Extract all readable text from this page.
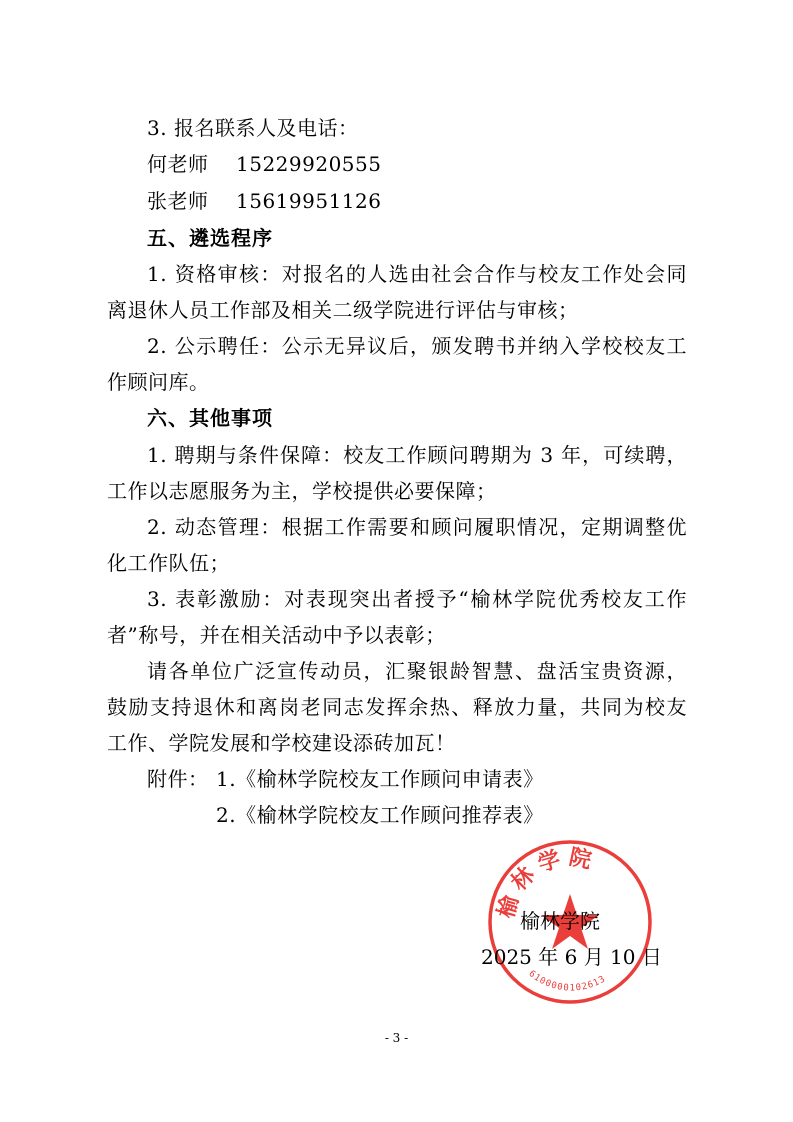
3. 报名联系人及电话：
何老师 15229920555
张老师 15619951126
五、遴选程序
1. 资格审核：对报名的人选由社会合作与校友工作处会同
离退休人员工作部及相关二级学院进行评估与审核；
2. 公示聘任：公示无异议后，颁发聘书并纳入学校校友工
作顾问库。
六、其他事项
1. 聘期与条件保障：校友工作顾问聘期为 3 年，可续聘，
工作以志愿服务为主，学校提供必要保障；
2. 动态管理：根据工作需要和顾问履职情况，定期调整优
化工作队伍；
3. 表彰激励：对表现突出者授予“榆林学院优秀校友工作
者”称号，并在相关活动中予以表彰；
请各单位广泛宣传动员，汇聚银龄智慧、盘活宝贵资源，
鼓励支持退休和离岗老同志发挥余热、释放力量，共同为校友
工作、学院发展和学校建设添砖加瓦！
附件： 1.《榆林学院校友工作顾问申请表》
2.《榆林学院校友工作顾问推荐表》
榆林学院
6100000102613
榆林学院
2025 年 6 月 10 日
- 3 -
